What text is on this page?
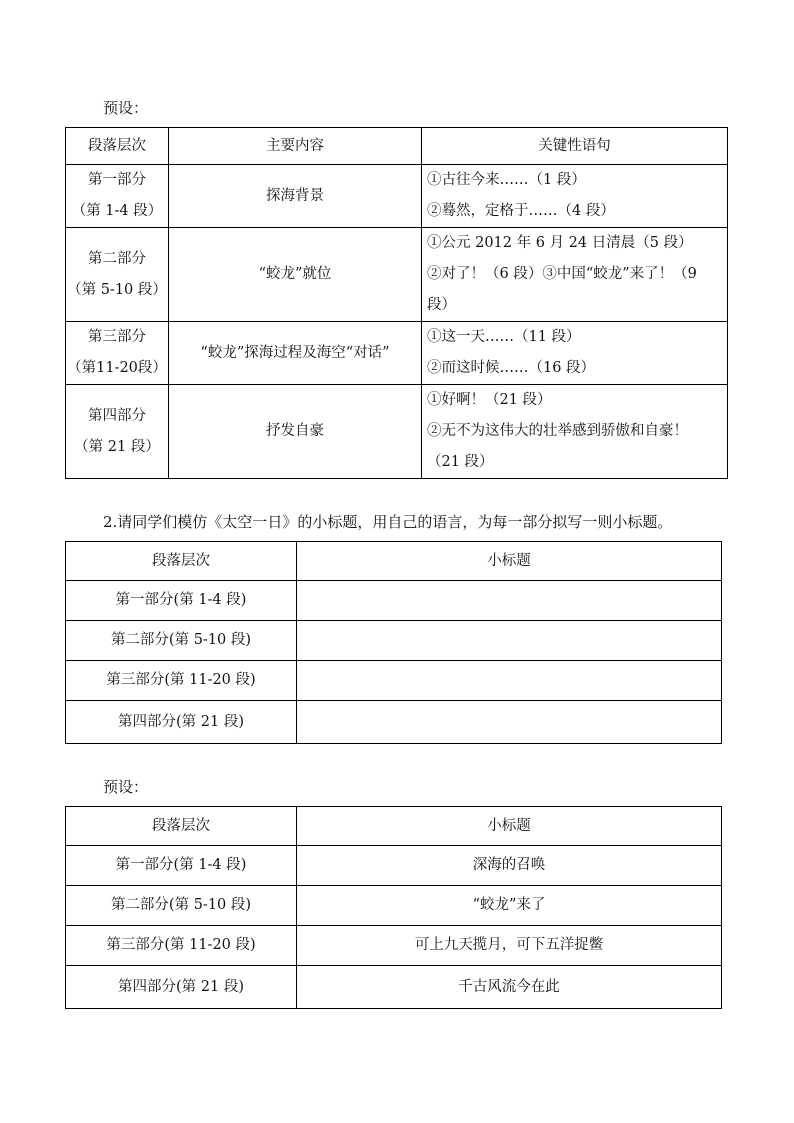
预设：
段落层次	主要内容	关键性语句

第一部分
（第 1-4 段）	探海背景	①古往今来……（1 段）
②蓦然，定格于……（4 段）

第二部分
（第 5-10 段）	“蛟龙”就位	①公元 2012 年 6 月 24 日清晨（5 段）
②对了！（6 段）③中国“蛟龙”来了！（9
段）

第三部分
（第11-20段）	“蛟龙”探海过程及海空“对话”	①这一天……（11 段）
②而这时候……（16 段）

第四部分
（第 21 段）	抒发自豪	①好啊！（21 段）
②无不为这伟大的壮举感到骄傲和自豪！
（21 段）
2.请同学们模仿《太空一日》的小标题，用自己的语言，为每一部分拟写一则小标题。
段落层次	小标题
第一部分(第 1-4 段)	
第二部分(第 5-10 段)	
第三部分(第 11-20 段)	
第四部分(第 21 段)	
预设：
段落层次	小标题
第一部分(第 1-4 段)	深海的召唤
第二部分(第 5-10 段)	“蛟龙”来了
第三部分(第 11-20 段)	可上九天揽月，可下五洋捉鳖
第四部分(第 21 段)	千古风流今在此
